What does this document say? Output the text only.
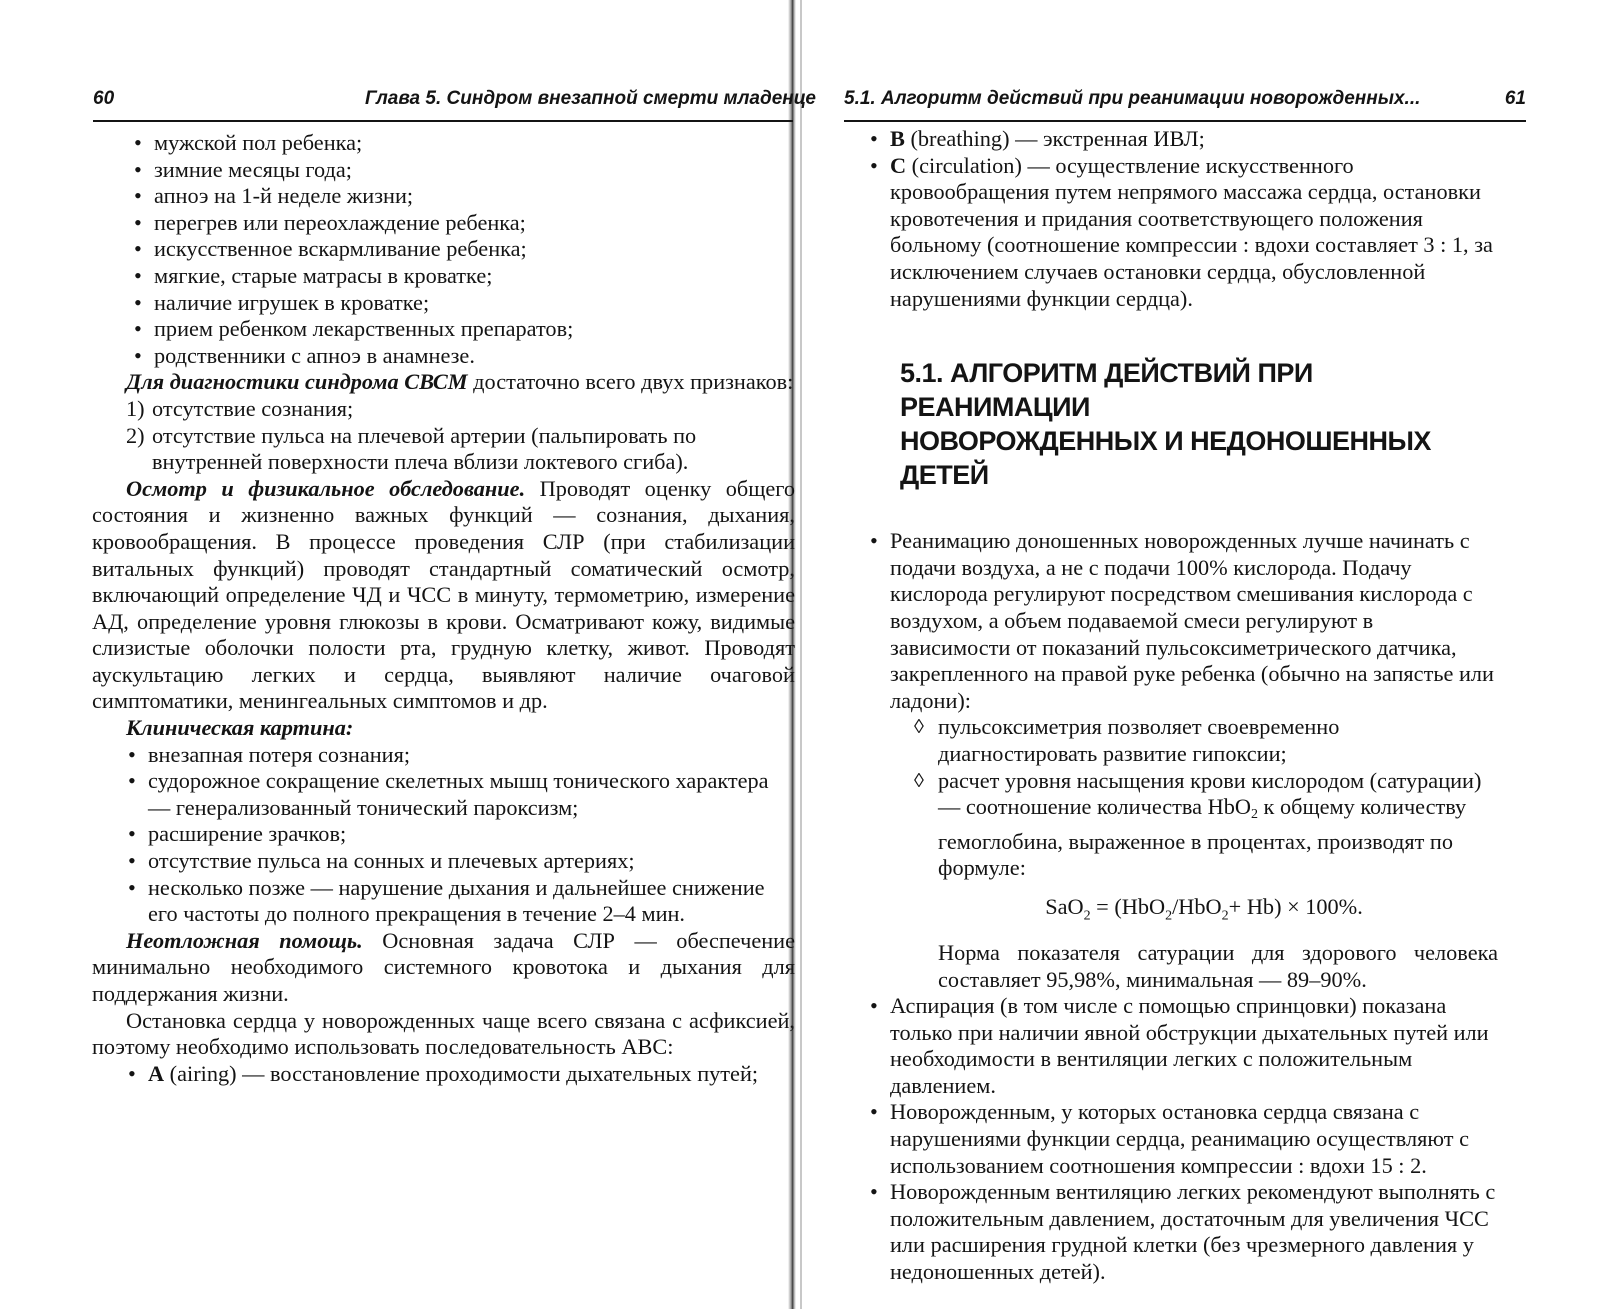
60	Глава 5. Синдром внезапной смерти младенце
• мужской пол ребенка;
• зимние месяцы года;
• апноэ на 1-й неделе жизни;
• перегрев или переохлаждение ребенка;
• искусственное вскармливание ребенка;
• мягкие, старые матрасы в кроватке;
• наличие игрушек в кроватке;
• прием ребенком лекарственных препаратов;
• родственники с апноэ в анамнезе.

Для диагностики синдрома СВСМ достаточно всего двух признаков:

1) отсутствие сознания;
2) отсутствие пульса на плечевой артерии (пальпировать по внутренней поверхности плеча вблизи локтевого сгиба).

Осмотр и физикальное обследование. Проводят оценку общего состояния и жизненно важных функций — сознания, дыхания, кровообращения. В процессе проведения СЛР (при стабилизации витальных функций) проводят стандартный соматический осмотр, включающий определение ЧД и ЧСС в минуту, термометрию, измерение АД, определение уровня глюкозы в крови. Осматривают кожу, видимые слизистые оболочки полости рта, грудную клетку, живот. Проводят аускультацию легких и сердца, выявляют наличие очаговой симптоматики, менингеальных симптомов и др.

Клиническая картина:

• внезапная потеря сознания;
• судорожное сокращение скелетных мышц тонического характера — генерализованный тонический пароксизм;
• расширение зрачков;
• отсутствие пульса на сонных и плечевых артериях;
• несколько позже — нарушение дыхания и дальнейшее снижение его частоты до полного прекращения в течение 2–4 мин.

Неотложная помощь. Основная задача СЛР — обеспечение минимально необходимого системного кровотока и дыхания для поддержания жизни.

Остановка сердца у новорожденных чаще всего связана с асфиксией, поэтому необходимо использовать последовательность АВС:

• А (airing) — восстановление проходимости дыхательных путей;
5.1. Алгоритм действий при реанимации новорожденных...	61
• В (breathing) — экстренная ИВЛ;
• С (circulation) — осуществление искусственного кровообращения путем непрямого массажа сердца, остановки кровотечения и придания соответствующего положения больному (соотношение компрессии : вдохи составляет 3 : 1, за исключением случаев остановки сердца, обусловленной нарушениями функции сердца).
5.1. АЛГОРИТМ ДЕЙСТВИЙ ПРИ РЕАНИМАЦИИ
НОВОРОЖДЕННЫХ И НЕДОНОШЕННЫХ ДЕТЕЙ
• Реанимацию доношенных новорожденных лучше начинать с подачи воздуха, а не с подачи 100% кислорода. Подачу кислорода регулируют посредством смешивания кислорода с воздухом, а объем подаваемой смеси регулируют в зависимости от показаний пульсоксиметрического датчика, закрепленного на правой руке ребенка (обычно на запястье или ладони):
◊ пульсоксиметрия позволяет своевременно диагностировать развитие гипоксии;
◊ расчет уровня насыщения крови кислородом (сатурации) — соотношение количества HbO$_2$ к общему количеству гемоглобина, выраженное в процентах, производят по формуле:
SaO$_2$ = (HbO$_2$/HbO$_2$+ Hb) × 100%.

Норма показателя сатурации для здорового человека составляет 95,98%, минимальная — 89–90%.

• Аспирация (в том числе с помощью спринцовки) показана только при наличии явной обструкции дыхательных путей или необходимости в вентиляции легких с положительным давлением.
• Новорожденным, у которых остановка сердца связана с нарушениями функции сердца, реанимацию осуществляют с использованием соотношения компрессии : вдохи 15 : 2.
• Новорожденным вентиляцию легких рекомендуют выполнять с положительным давлением, достаточным для увеличения ЧСС или расширения грудной клетки (без чрезмерного давления у недоношенных детей).
